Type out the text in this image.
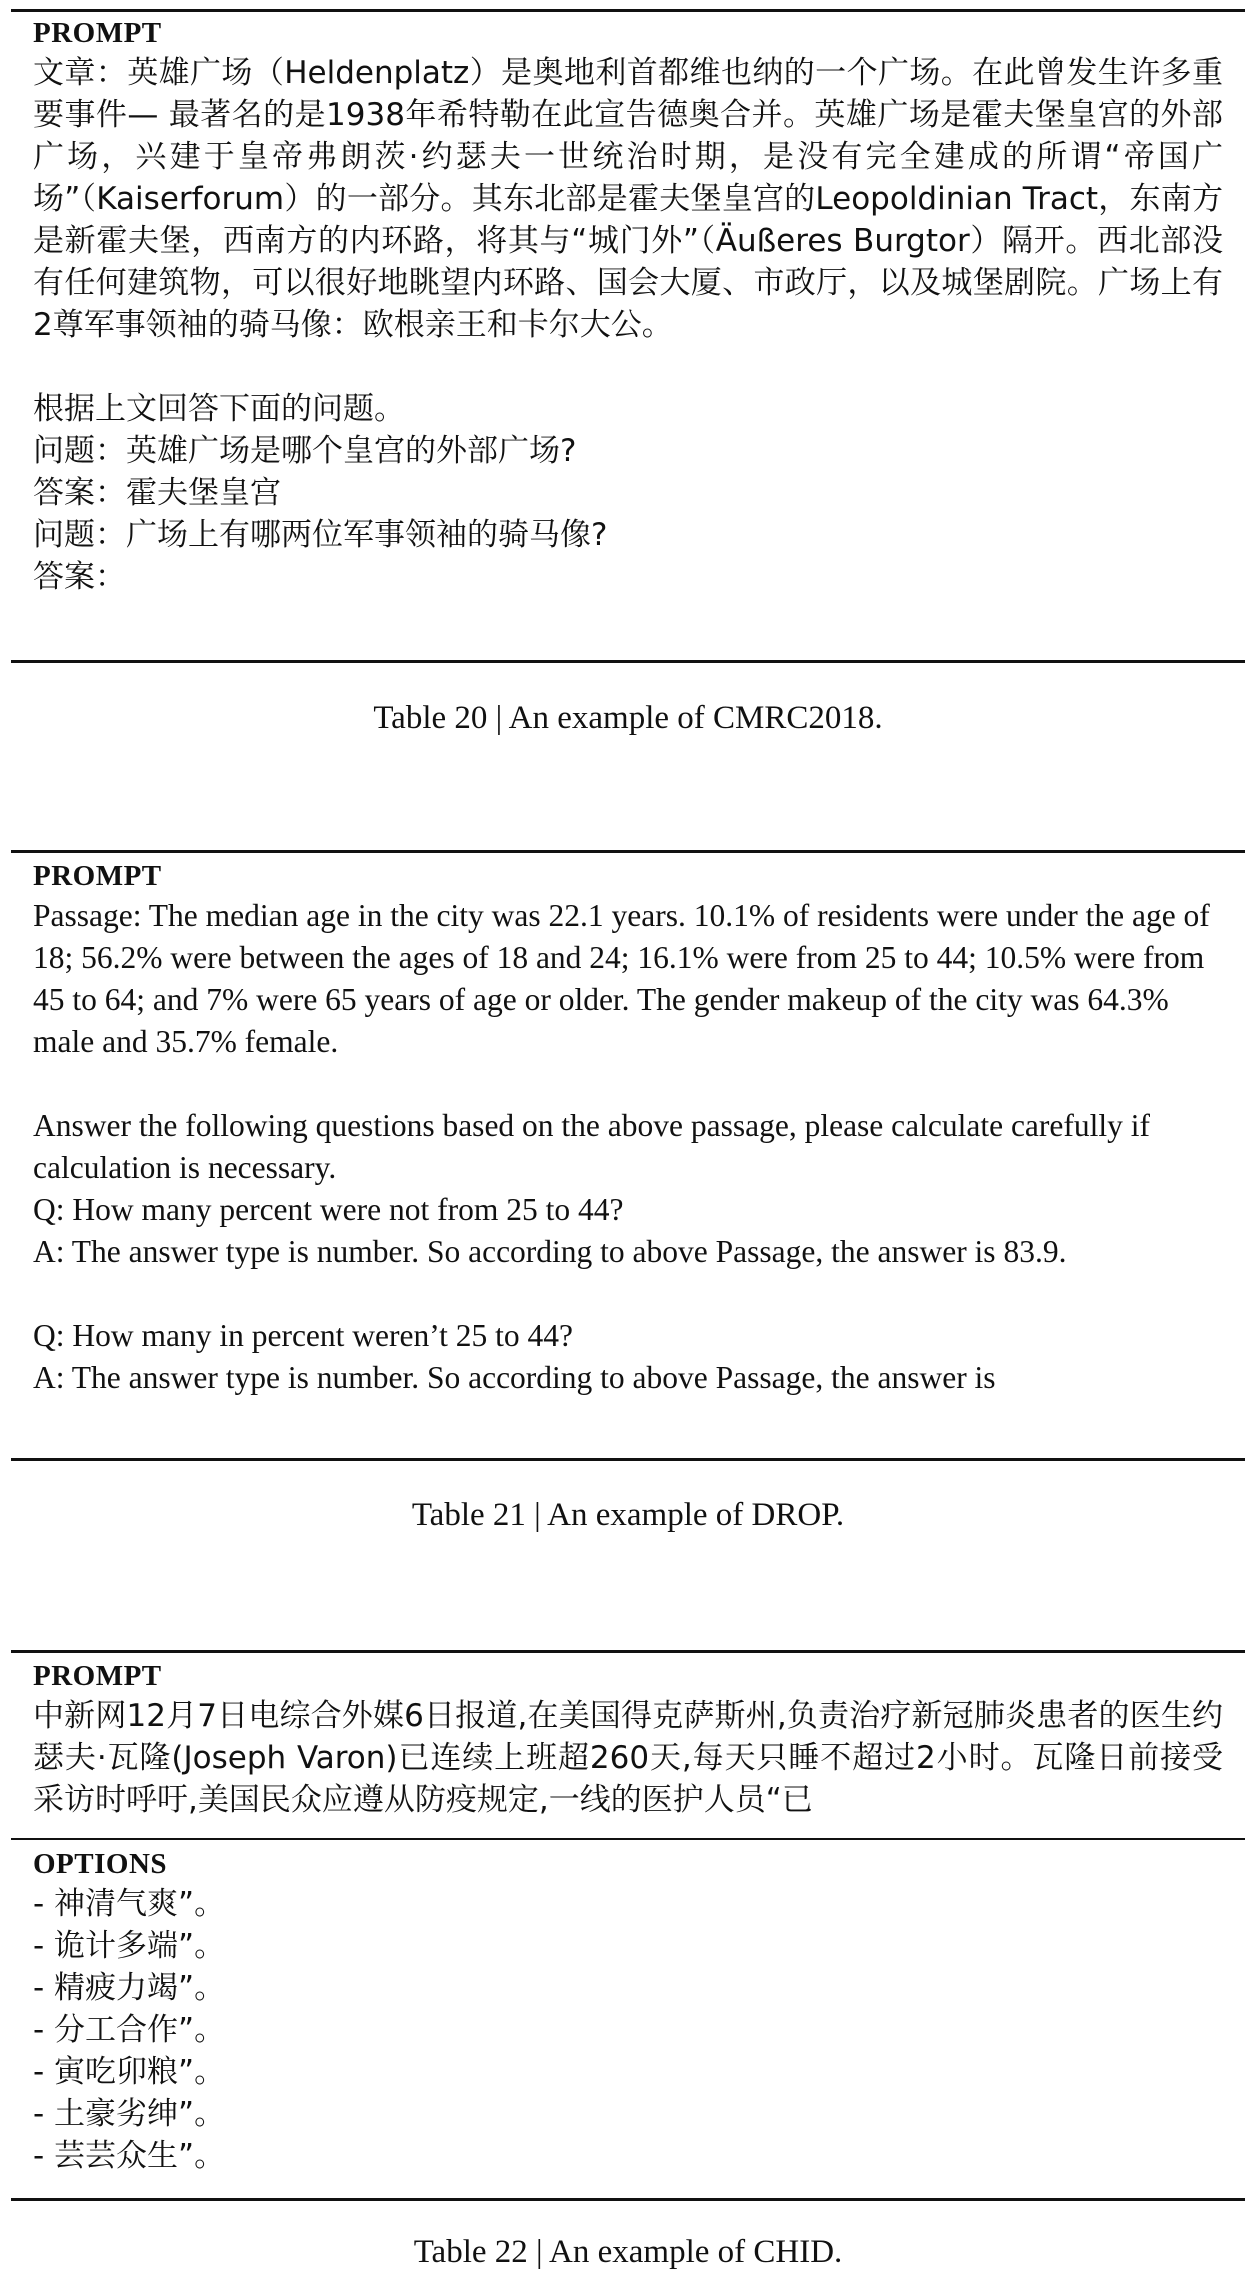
PROMPT

文章：英雄广场（Heldenplatz）是奥地利首都维也纳的一个广场。在此曾发生许多重要事件— 最著名的是1938年希特勒在此宣告德奥合并。英雄广场是霍夫堡皇宫的外部广场，兴建于皇帝弗朗茨·约瑟夫一世统治时期，是没有完全建成的所谓“帝国广场”（Kaiserforum）的一部分。其东北部是霍夫堡皇宫的Leopoldinian Tract，东南方是新霍夫堡，西南方的内环路，将其与“城门外”（Äußeres Burgtor）隔开。西北部没有任何建筑物，可以很好地眺望内环路、国会大厦、市政厅，以及城堡剧院。广场上有2尊军事领袖的骑马像：欧根亲王和卡尔大公。

根据上文回答下面的问题。

问题：英雄广场是哪个皇宫的外部广场?

答案：霍夫堡皇宫

问题：广场上有哪两位军事领袖的骑马像?

答案：

Table 20 | An example of CMRC2018.
PROMPT

Passage: The median age in the city was 22.1 years. 10.1% of residents were under the age of 18; 56.2% were between the ages of 18 and 24; 16.1% were from 25 to 44; 10.5% were from 45 to 64; and 7% were 65 years of age or older. The gender makeup of the city was 64.3% male and 35.7% female.

Answer the following questions based on the above passage, please calculate carefully if calculation is necessary.

Q: How many percent were not from 25 to 44?

A: The answer type is number. So according to above Passage, the answer is 83.9.

Q: How many in percent weren’t 25 to 44?

A: The answer type is number. So according to above Passage, the answer is

Table 21 | An example of DROP.
PROMPT

中新网12月7日电综合外媒6日报道,在美国得克萨斯州,负责治疗新冠肺炎患者的医生约瑟夫·瓦隆(Joseph Varon)已连续上班超260天,每天只睡不超过2小时。瓦隆日前接受采访时呼吁,美国民众应遵从防疫规定,一线的医护人员“已

OPTIONS

- 神清气爽”。

- 诡计多端”。

- 精疲力竭”。

- 分工合作”。

- 寅吃卯粮”。

- 土豪劣绅”。

- 芸芸众生”。

Table 22 | An example of CHID.
